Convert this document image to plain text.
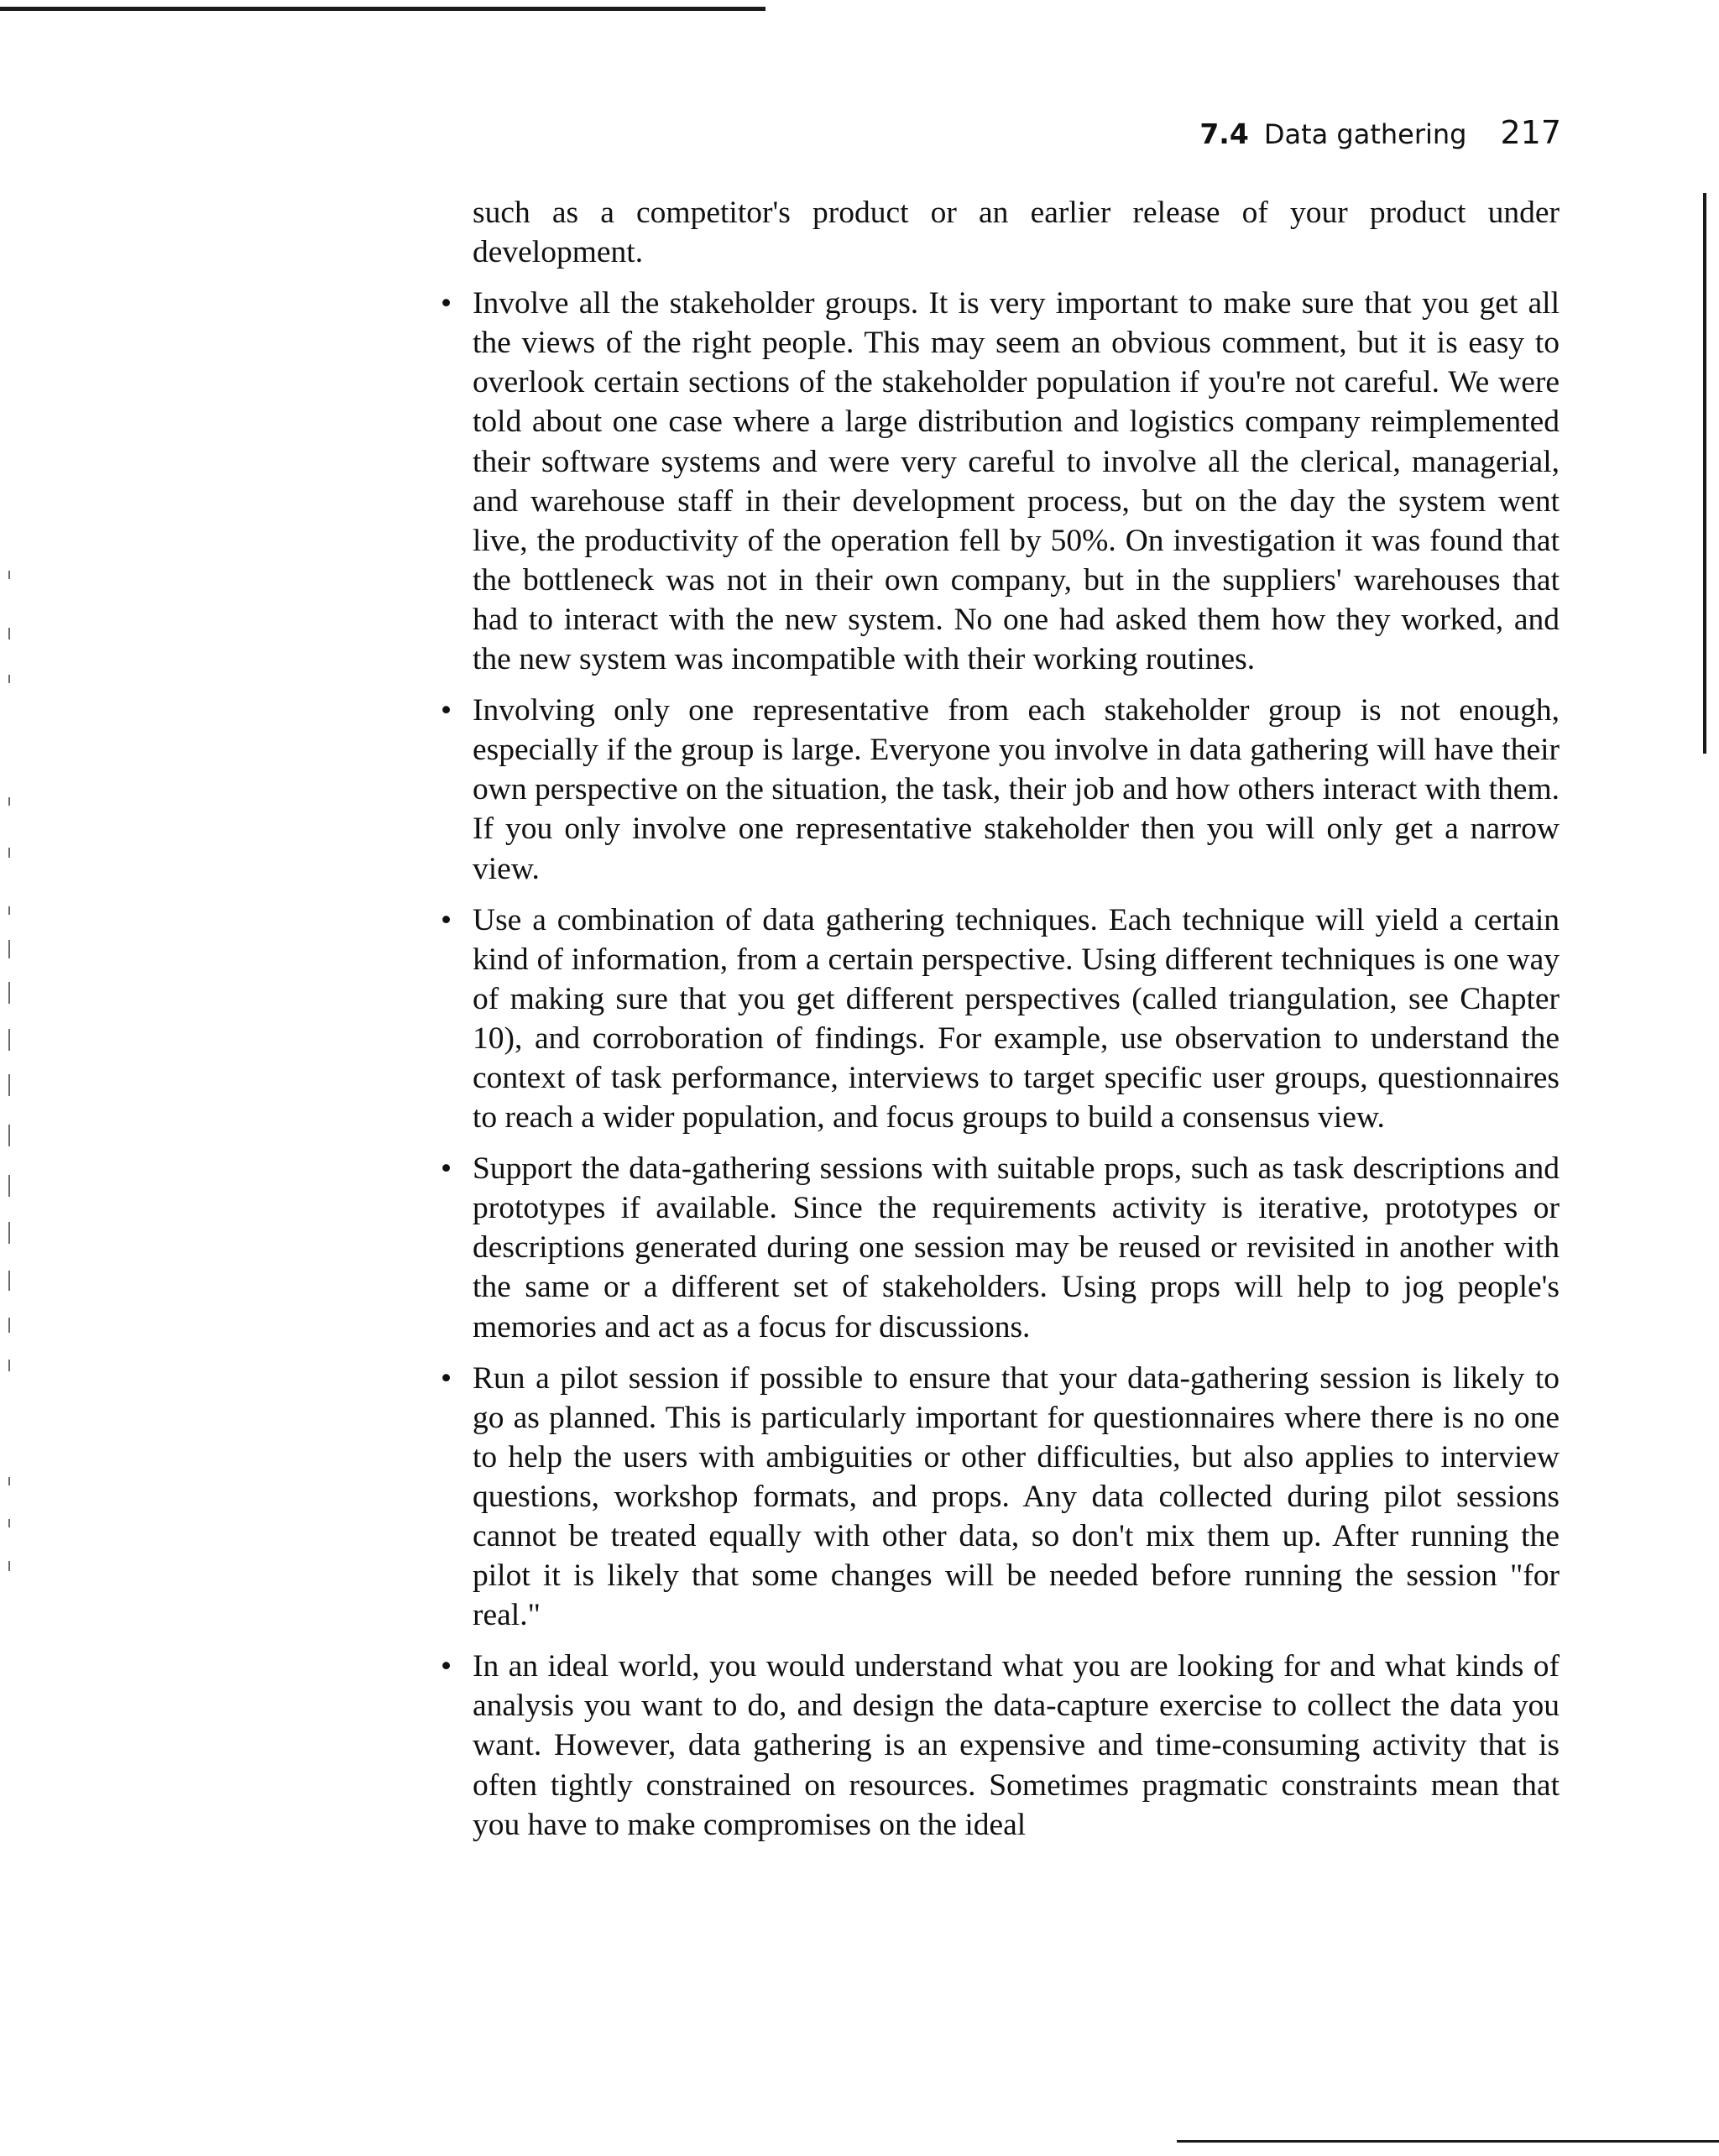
7.4 Data gathering 217

such as a competitor's product or an earlier release of your product under development.

• Involve all the stakeholder groups. It is very important to make sure that you get all the views of the right people. This may seem an obvious comment, but it is easy to overlook certain sections of the stakeholder population if you're not careful. We were told about one case where a large distribution and logistics company reimplemented their software systems and were very careful to involve all the clerical, managerial, and warehouse staff in their development process, but on the day the system went live, the productivity of the operation fell by 50%. On investigation it was found that the bottleneck was not in their own company, but in the suppliers' warehouses that had to interact with the new system. No one had asked them how they worked, and the new system was incompatible with their working routines.
• Involving only one representative from each stakeholder group is not enough, especially if the group is large. Everyone you involve in data gathering will have their own perspective on the situation, the task, their job and how others interact with them. If you only involve one representative stakeholder then you will only get a narrow view.
• Use a combination of data gathering techniques. Each technique will yield a certain kind of information, from a certain perspective. Using different techniques is one way of making sure that you get different perspectives (called triangulation, see Chapter 10), and corroboration of findings. For example, use observation to understand the context of task performance, interviews to target specific user groups, questionnaires to reach a wider population, and focus groups to build a consensus view.
• Support the data-gathering sessions with suitable props, such as task descriptions and prototypes if available. Since the requirements activity is iterative, prototypes or descriptions generated during one session may be reused or revisited in another with the same or a different set of stakeholders. Using props will help to jog people's memories and act as a focus for discussions.
• Run a pilot session if possible to ensure that your data-gathering session is likely to go as planned. This is particularly important for questionnaires where there is no one to help the users with ambiguities or other difficulties, but also applies to interview questions, workshop formats, and props. Any data collected during pilot sessions cannot be treated equally with other data, so don't mix them up. After running the pilot it is likely that some changes will be needed before running the session "for real."
• In an ideal world, you would understand what you are looking for and what kinds of analysis you want to do, and design the data-capture exercise to collect the data you want. However, data gathering is an expensive and time-consuming activity that is often tightly constrained on resources. Sometimes pragmatic constraints mean that you have to make compromises on the ideal
